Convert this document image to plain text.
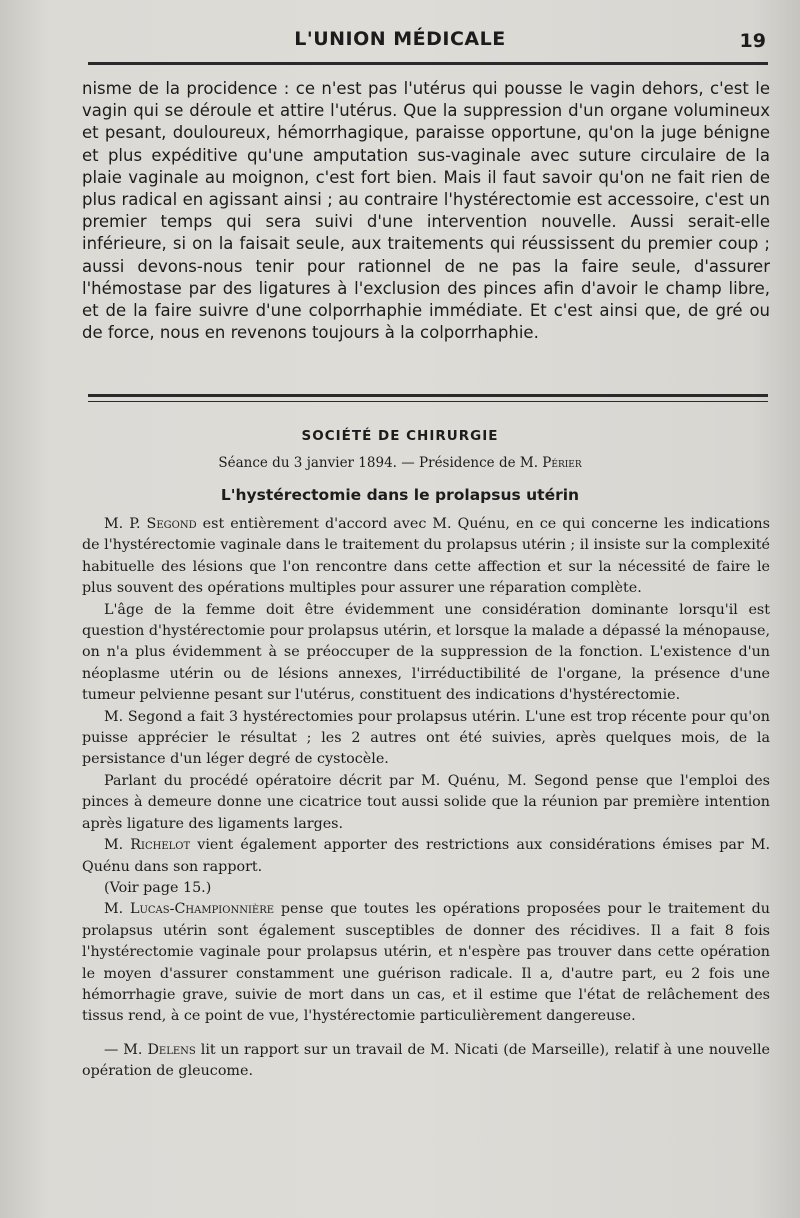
L'UNION MÉDICALE	19

nisme de la procidence : ce n'est pas l'utérus qui pousse le vagin dehors, c'est le vagin qui se déroule et attire l'utérus. Que la suppression d'un organe volumineux et pesant, douloureux, hémorrhagique, paraisse opportune, qu'on la juge bénigne et plus expéditive qu'une amputation sus-vaginale avec suture circulaire de la plaie vaginale au moignon, c'est fort bien. Mais il faut savoir qu'on ne fait rien de plus radical en agissant ainsi ; au contraire l'hystérectomie est accessoire, c'est un premier temps qui sera suivi d'une intervention nouvelle. Aussi serait-elle inférieure, si on la faisait seule, aux traitements qui réussissent du premier coup ; aussi devons-nous tenir pour rationnel de ne pas la faire seule, d'assurer l'hémostase par des ligatures à l'exclusion des pinces afin d'avoir le champ libre, et de la faire suivre d'une colporrhaphie immédiate. Et c'est ainsi que, de gré ou de force, nous en revenons toujours à la colporrhaphie.

SOCIÉTÉ DE CHIRURGIE
Séance du 3 janvier 1894. — Présidence de M. Périer
L'hystérectomie dans le prolapsus utérin

M. P. Segond est entièrement d'accord avec M. Quénu, en ce qui concerne les indications de l'hystérectomie vaginale dans le traitement du prolapsus utérin ; il insiste sur la complexité habituelle des lésions que l'on rencontre dans cette affection et sur la nécessité de faire le plus souvent des opérations multiples pour assurer une réparation complète.

L'âge de la femme doit être évidemment une considération dominante lorsqu'il est question d'hystérectomie pour prolapsus utérin, et lorsque la malade a dépassé la ménopause, on n'a plus évidemment à se préoccuper de la suppression de la fonction. L'existence d'un néoplasme utérin ou de lésions annexes, l'irréductibilité de l'organe, la présence d'une tumeur pelvienne pesant sur l'utérus, constituent des indications d'hystérectomie.

M. Segond a fait 3 hystérectomies pour prolapsus utérin. L'une est trop récente pour qu'on puisse apprécier le résultat ; les 2 autres ont été suivies, après quelques mois, de la persistance d'un léger degré de cystocèle.

Parlant du procédé opératoire décrit par M. Quénu, M. Segond pense que l'emploi des pinces à demeure donne une cicatrice tout aussi solide que la réunion par première intention après ligature des ligaments larges.

M. Richelot vient également apporter des restrictions aux considérations émises par M. Quénu dans son rapport.

(Voir page 15.)

M. Lucas-Championnière pense que toutes les opérations proposées pour le traitement du prolapsus utérin sont également susceptibles de donner des récidives. Il a fait 8 fois l'hystérectomie vaginale pour prolapsus utérin, et n'espère pas trouver dans cette opération le moyen d'assurer constamment une guérison radicale. Il a, d'autre part, eu 2 fois une hémorrhagie grave, suivie de mort dans un cas, et il estime que l'état de relâchement des tissus rend, à ce point de vue, l'hystérectomie particulièrement dangereuse.

— M. Delens lit un rapport sur un travail de M. Nicati (de Marseille), relatif à une nouvelle opération de gleucome.
